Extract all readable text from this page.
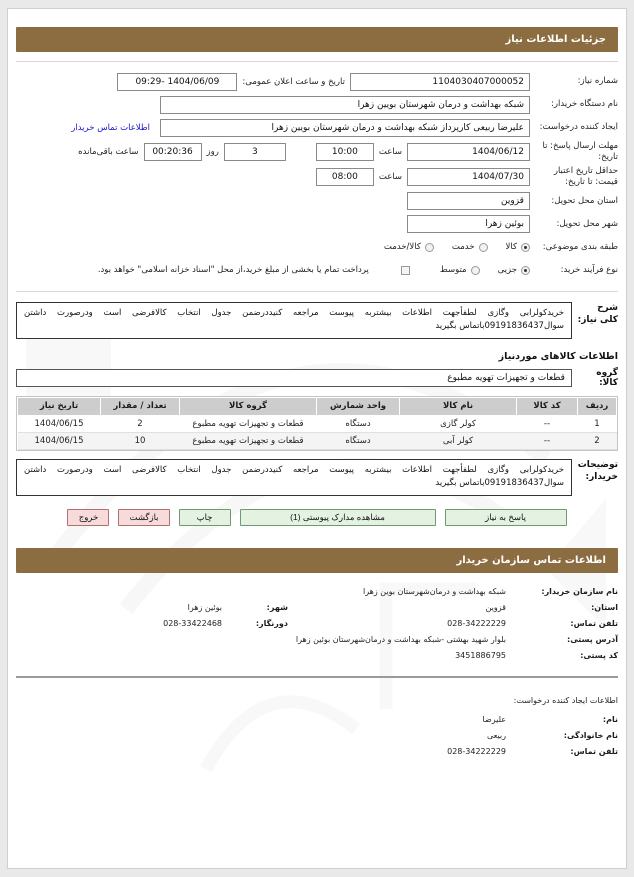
جزئیات اطلاعات نیاز
شماره نیاز:
1104030407000052
تاریخ و ساعت اعلان عمومی:
1404/06/09 -09:29
نام دستگاه خریدار:
شبکه بهداشت و درمان شهرستان بویین زهرا
ایجاد کننده درخواست:
علیرضا ربیعی کارپرداز شبکه بهداشت و درمان شهرستان بویین زهرا
اطلاعات تماس خریدار
مهلت ارسال پاسخ: تا تاریخ:
1404/06/12
ساعت
10:00
3
روز
00:20:36
ساعت باقی‌مانده
حداقل تاریخ اعتبار قیمت: تا تاریخ:
1404/07/30
ساعت
08:00
استان محل تحویل:
قزوین
شهر محل تحویل:
بوئین زهرا
طبقه بندی موضوعی:
کالا
خدمت
کالا/خدمت
نوع فرآیند خرید:
جزیی
متوسط
پرداخت تمام یا بخشی از مبلغ خرید،از محل "اسناد خزانه اسلامی" خواهد بود.
شرح کلی نیاز:
خریدکولرابی وگازی لطفأجهت اطلاعات بیشتربه پیوست مراجعه کنیددرضمن جدول انتخاب کالافرضی است ودرصورت داشتن سوال09191836437باتماس بگیرید
اطلاعات کالاهای موردنیاز
گروه کالا:
قطعات و تجهیزات تهویه مطبوع
ردیف	کد کالا	نام کالا	واحد شمارش	گروه کالا	تعداد / مقدار	تاریخ نیاز
1	--	کولر گازی	دستگاه	قطعات و تجهیزات تهویه مطبوع	2	1404/06/15
2	--	کولر آبی	دستگاه	قطعات و تجهیزات تهویه مطبوع	10	1404/06/15
توضیحات خریدار:
خریدکولرابی وگازی لطفأجهت اطلاعات بیشتربه پیوست مراجعه کنیددرضمن جدول انتخاب کالافرضی است ودرصورت داشتن سوال09191836437باتماس بگیرید
پاسخ به نیاز
مشاهده مدارک پیوستی (1)
چاپ
بازگشت
خروج
اطلاعات تماس سازمان خریدار
نام سازمان خریدار:
شبکه بهداشت و درمان‌شهرستان بوین زهرا
استان:
قزوین
شهر:
بوئین زهرا
تلفن تماس:
028-34222229
دورنگار:
028-33422468
آدرس پستی:
بلوار شهید بهشتی -شبکه بهداشت و درمان‌شهرستان بوئین زهرا
کد پستی:
3451886795
اطلاعات ایجاد کننده درخواست:
نام:
علیرضا
نام خانوادگی:
ربیعی
تلفن تماس:
028-34222229
